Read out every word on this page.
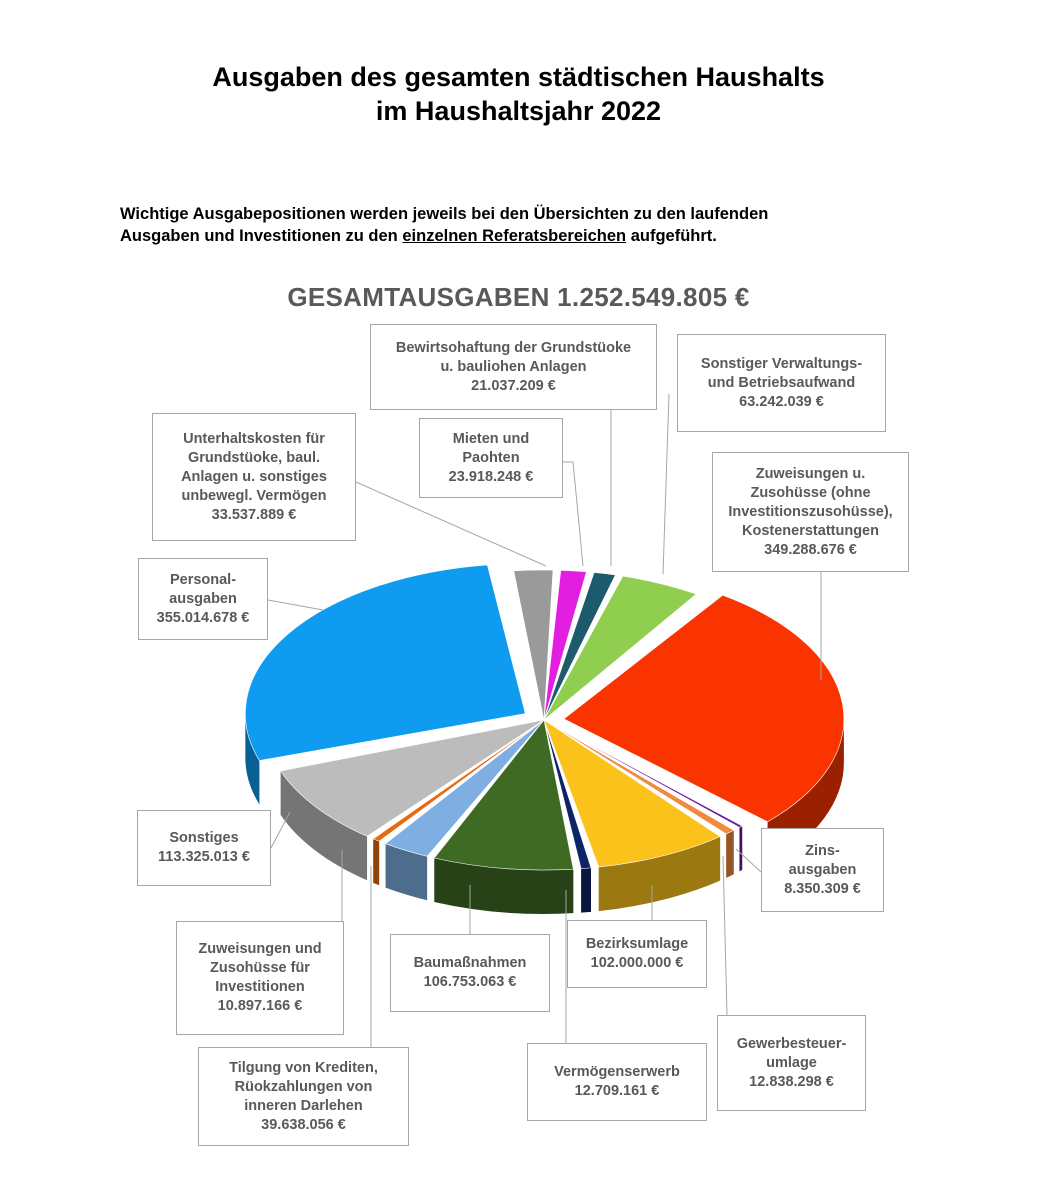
Ausgaben des gesamten städtischen Haushalts
im Haushaltsjahr 2022
Wichtige Ausgabepositionen werden jeweils bei den Übersichten zu den laufenden
Ausgaben und Investitionen zu den einzelnen Referatsbereichen aufgeführt.
GESAMTAUSGABEN 1.252.549.805 €
Unterhaltskosten für
Grundstüoke, baul.
Anlagen u. sonstiges
unbewegl. Vermögen
33.537.889 €
Mieten und
Paohten
23.918.248 €
Bewirtsohaftung der Grundstüoke
u. bauliohen Anlagen
21.037.209 €
Sonstiger Verwaltungs-
und Betriebsaufwand
63.242.039 €
Zuweisungen u.
Zusohüsse (ohne
Investitionszusohüsse),
Kostenerstattungen
349.288.676 €
Zins-
ausgaben
8.350.309 €
Gewerbesteuer-
umlage
12.838.298 €
Bezirksumlage
102.000.000 €
Vermögenserwerb
12.709.161 €
Baumaßnahmen
106.753.063 €
Tilgung von Krediten,
Rüokzahlungen von
inneren Darlehen
39.638.056 €
Zuweisungen und
Zusohüsse für
Investitionen
10.897.166 €
Sonstiges
113.325.013 €
Personal-
ausgaben
355.014.678 €
